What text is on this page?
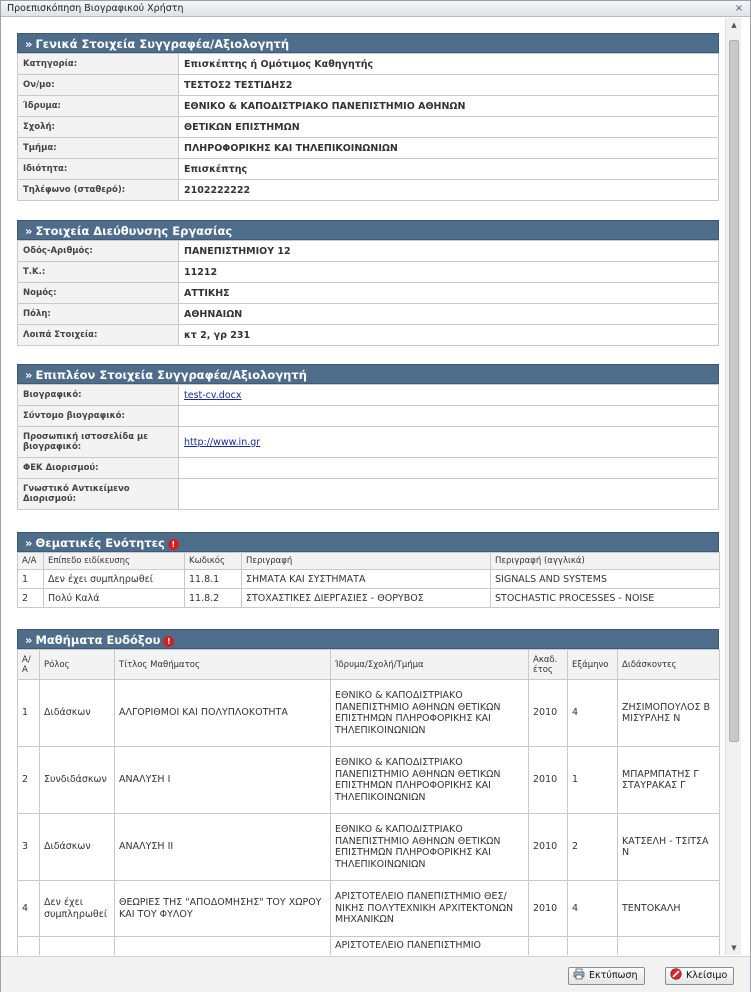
Προεπισκόπηση Βιογραφικού Χρήστη	×
» Γενικά Στοιχεία Συγγραφέα/Αξιολογητή
Κατηγορία:	Επισκέπτης ή Ομότιμος Καθηγητής
Ον/μο:	ΤΕΣΤΟΣ2 ΤΕΣΤΙΔΗΣ2
Ίδρυμα:	ΕΘΝΙΚΟ & ΚΑΠΟΔΙΣΤΡΙΑΚΟ ΠΑΝΕΠΙΣΤΗΜΙΟ ΑΘΗΝΩΝ
Σχολή:	ΘΕΤΙΚΩΝ ΕΠΙΣΤΗΜΩΝ
Τμήμα:	ΠΛΗΡΟΦΟΡΙΚΗΣ ΚΑΙ ΤΗΛΕΠΙΚΟΙΝΩΝΙΩΝ
Ιδιότητα:	Επισκέπτης
Τηλέφωνο (σταθερό):	2102222222
» Στοιχεία Διεύθυνσης Εργασίας
Οδός-Αριθμός:	ΠΑΝΕΠΙΣΤΗΜΙΟΥ 12
Τ.Κ.:	11212
Νομός:	ΑΤΤΙΚΗΣ
Πόλη:	ΑΘΗΝΑΙΩΝ
Λοιπά Στοιχεία:	κτ 2, γρ 231
» Επιπλέον Στοιχεία Συγγραφέα/Αξιολογητή
Βιογραφικό:	test-cv.docx
Σύντομο βιογραφικό:	
Προσωπική ιστοσελίδα με βιογραφικό:	http://www.in.gr
ΦΕΚ Διορισμού:	
Γνωστικό Αντικείμενο Διορισμού:	
» Θεματικές Ενότητες !
Α/Α	Επίπεδο ειδίκευσης	Κωδικός	Περιγραφή	Περιγραφή (αγγλικά)
1	Δεν έχει συμπληρωθεί	11.8.1	ΣΗΜΑΤΑ ΚΑΙ ΣΥΣΤΗΜΑΤΑ	SIGNALS AND SYSTEMS
2	Πολύ Καλά	11.8.2	ΣΤΟΧΑΣΤΙΚΕΣ ΔΙΕΡΓΑΣΙΕΣ - ΘΟΡΥΒΟΣ	STOCHASTIC PROCESSES - NOISE
» Μαθήματα Ευδόξου !
Α/Α	Ρόλος	Τίτλος Μαθήματος	Ίδρυμα/Σχολή/Τμήμα	Ακαδ. έτος	Εξάμηνο	Διδάσκοντες
1	Διδάσκων	ΑΛΓΟΡΙΘΜΟΙ ΚΑΙ ΠΟΛΥΠΛΟΚΟΤΗΤΑ	ΕΘΝΙΚΟ & ΚΑΠΟΔΙΣΤΡΙΑΚΟ ΠΑΝΕΠΙΣΤΗΜΙΟ ΑΘΗΝΩΝ ΘΕΤΙΚΩΝ ΕΠΙΣΤΗΜΩΝ ΠΛΗΡΟΦΟΡΙΚΗΣ ΚΑΙ ΤΗΛΕΠΙΚΟΙΝΩΝΙΩΝ	2010	4	ΖΗΣΙΜΟΠΟΥΛΟΣ Β ΜΙΣΥΡΛΗΣ Ν
2	Συνδιδάσκων	ΑΝΑΛΥΣΗ Ι	ΕΘΝΙΚΟ & ΚΑΠΟΔΙΣΤΡΙΑΚΟ ΠΑΝΕΠΙΣΤΗΜΙΟ ΑΘΗΝΩΝ ΘΕΤΙΚΩΝ ΕΠΙΣΤΗΜΩΝ ΠΛΗΡΟΦΟΡΙΚΗΣ ΚΑΙ ΤΗΛΕΠΙΚΟΙΝΩΝΙΩΝ	2010	1	ΜΠΑΡΜΠΑΤΗΣ Γ ΣΤΑΥΡΑΚΑΣ Γ
3	Διδάσκων	ΑΝΑΛΥΣΗ ΙΙ	ΕΘΝΙΚΟ & ΚΑΠΟΔΙΣΤΡΙΑΚΟ ΠΑΝΕΠΙΣΤΗΜΙΟ ΑΘΗΝΩΝ ΘΕΤΙΚΩΝ ΕΠΙΣΤΗΜΩΝ ΠΛΗΡΟΦΟΡΙΚΗΣ ΚΑΙ ΤΗΛΕΠΙΚΟΙΝΩΝΙΩΝ	2010	2	ΚΑΤΣΕΛΗ - ΤΣΙΤΣΑ Ν
4	Δεν έχει συμπληρωθεί	ΘΕΩΡΙΕΣ ΤΗΣ "ΑΠΟΔΟΜΗΣΗΣ" ΤΟΥ ΧΩΡΟΥ ΚΑΙ ΤΟΥ ΦΥΛΟΥ	ΑΡΙΣΤΟΤΕΛΕΙΟ ΠΑΝΕΠΙΣΤΗΜΙΟ ΘΕΣ/ΝΙΚΗΣ ΠΟΛΥΤΕΧΝΙΚΗ ΑΡΧΙΤΕΚΤΟΝΩΝ ΜΗΧΑΝΙΚΩΝ	2010	4	ΤΕΝΤΟΚΑΛΗ
			ΑΡΙΣΤΟΤΕΛΕΙΟ ΠΑΝΕΠΙΣΤΗΜΙΟ			
▲
▼
Εκτύπωση	Κλείσιμο
